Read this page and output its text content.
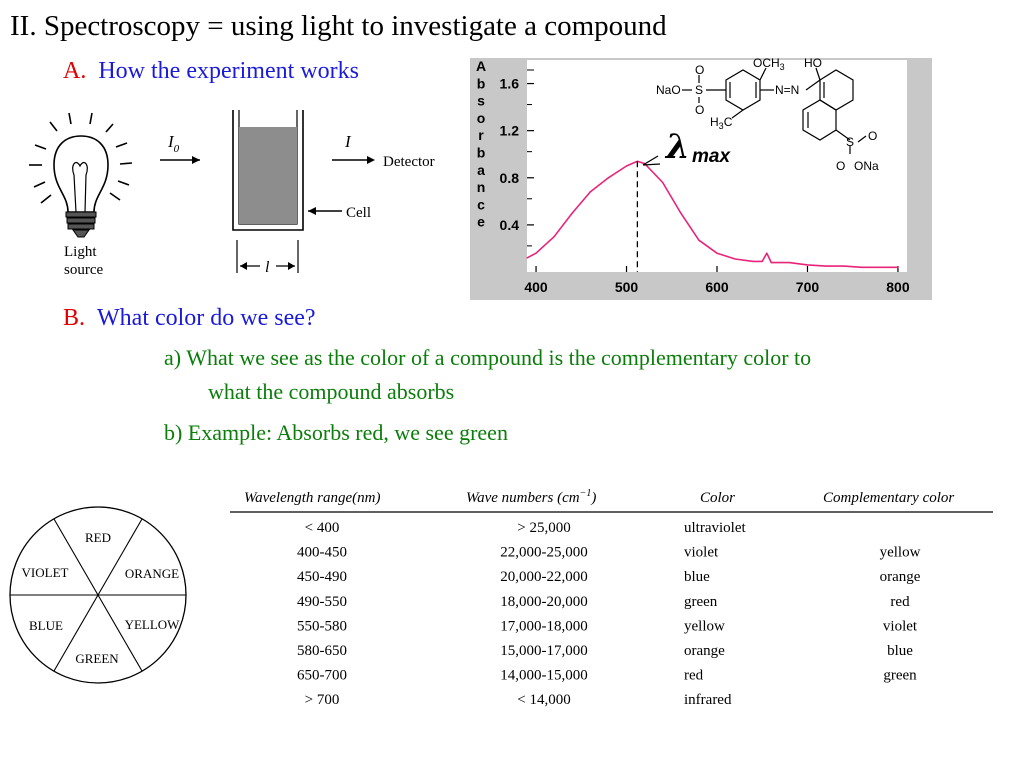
II. Spectroscopy = using light to investigate a compound
A. How the experiment works
B. What color do we see?
a) What we see as the color of a compound is the complementary color to
what the compound absorbs
b) Example: Absorbs red, we see green
Light
source
$I_0$
Cell
l
I
Detector
A
b
s
o
r
b
a
n
c
e
1.6
1.2
0.8
0.4
400	500	600	700	800
λ max
$OCH_3$ HO
NaO S
O
O
N=N
$H_3C$
S O
O ONa
RED
ORANGE
YELLOW
GREEN
BLUE
VIOLET
Wavelength range(nm)	Wave numbers $(cm^{-1})$	Color	Complementary color
< 400	> 25,000	ultraviolet
400-450	22,000-25,000	violet	yellow
450-490	20,000-22,000	blue	orange
490-550	18,000-20,000	green	red
550-580	17,000-18,000	yellow	violet
580-650	15,000-17,000	orange	blue
650-700	14,000-15,000	red	green
> 700	< 14,000	infrared
